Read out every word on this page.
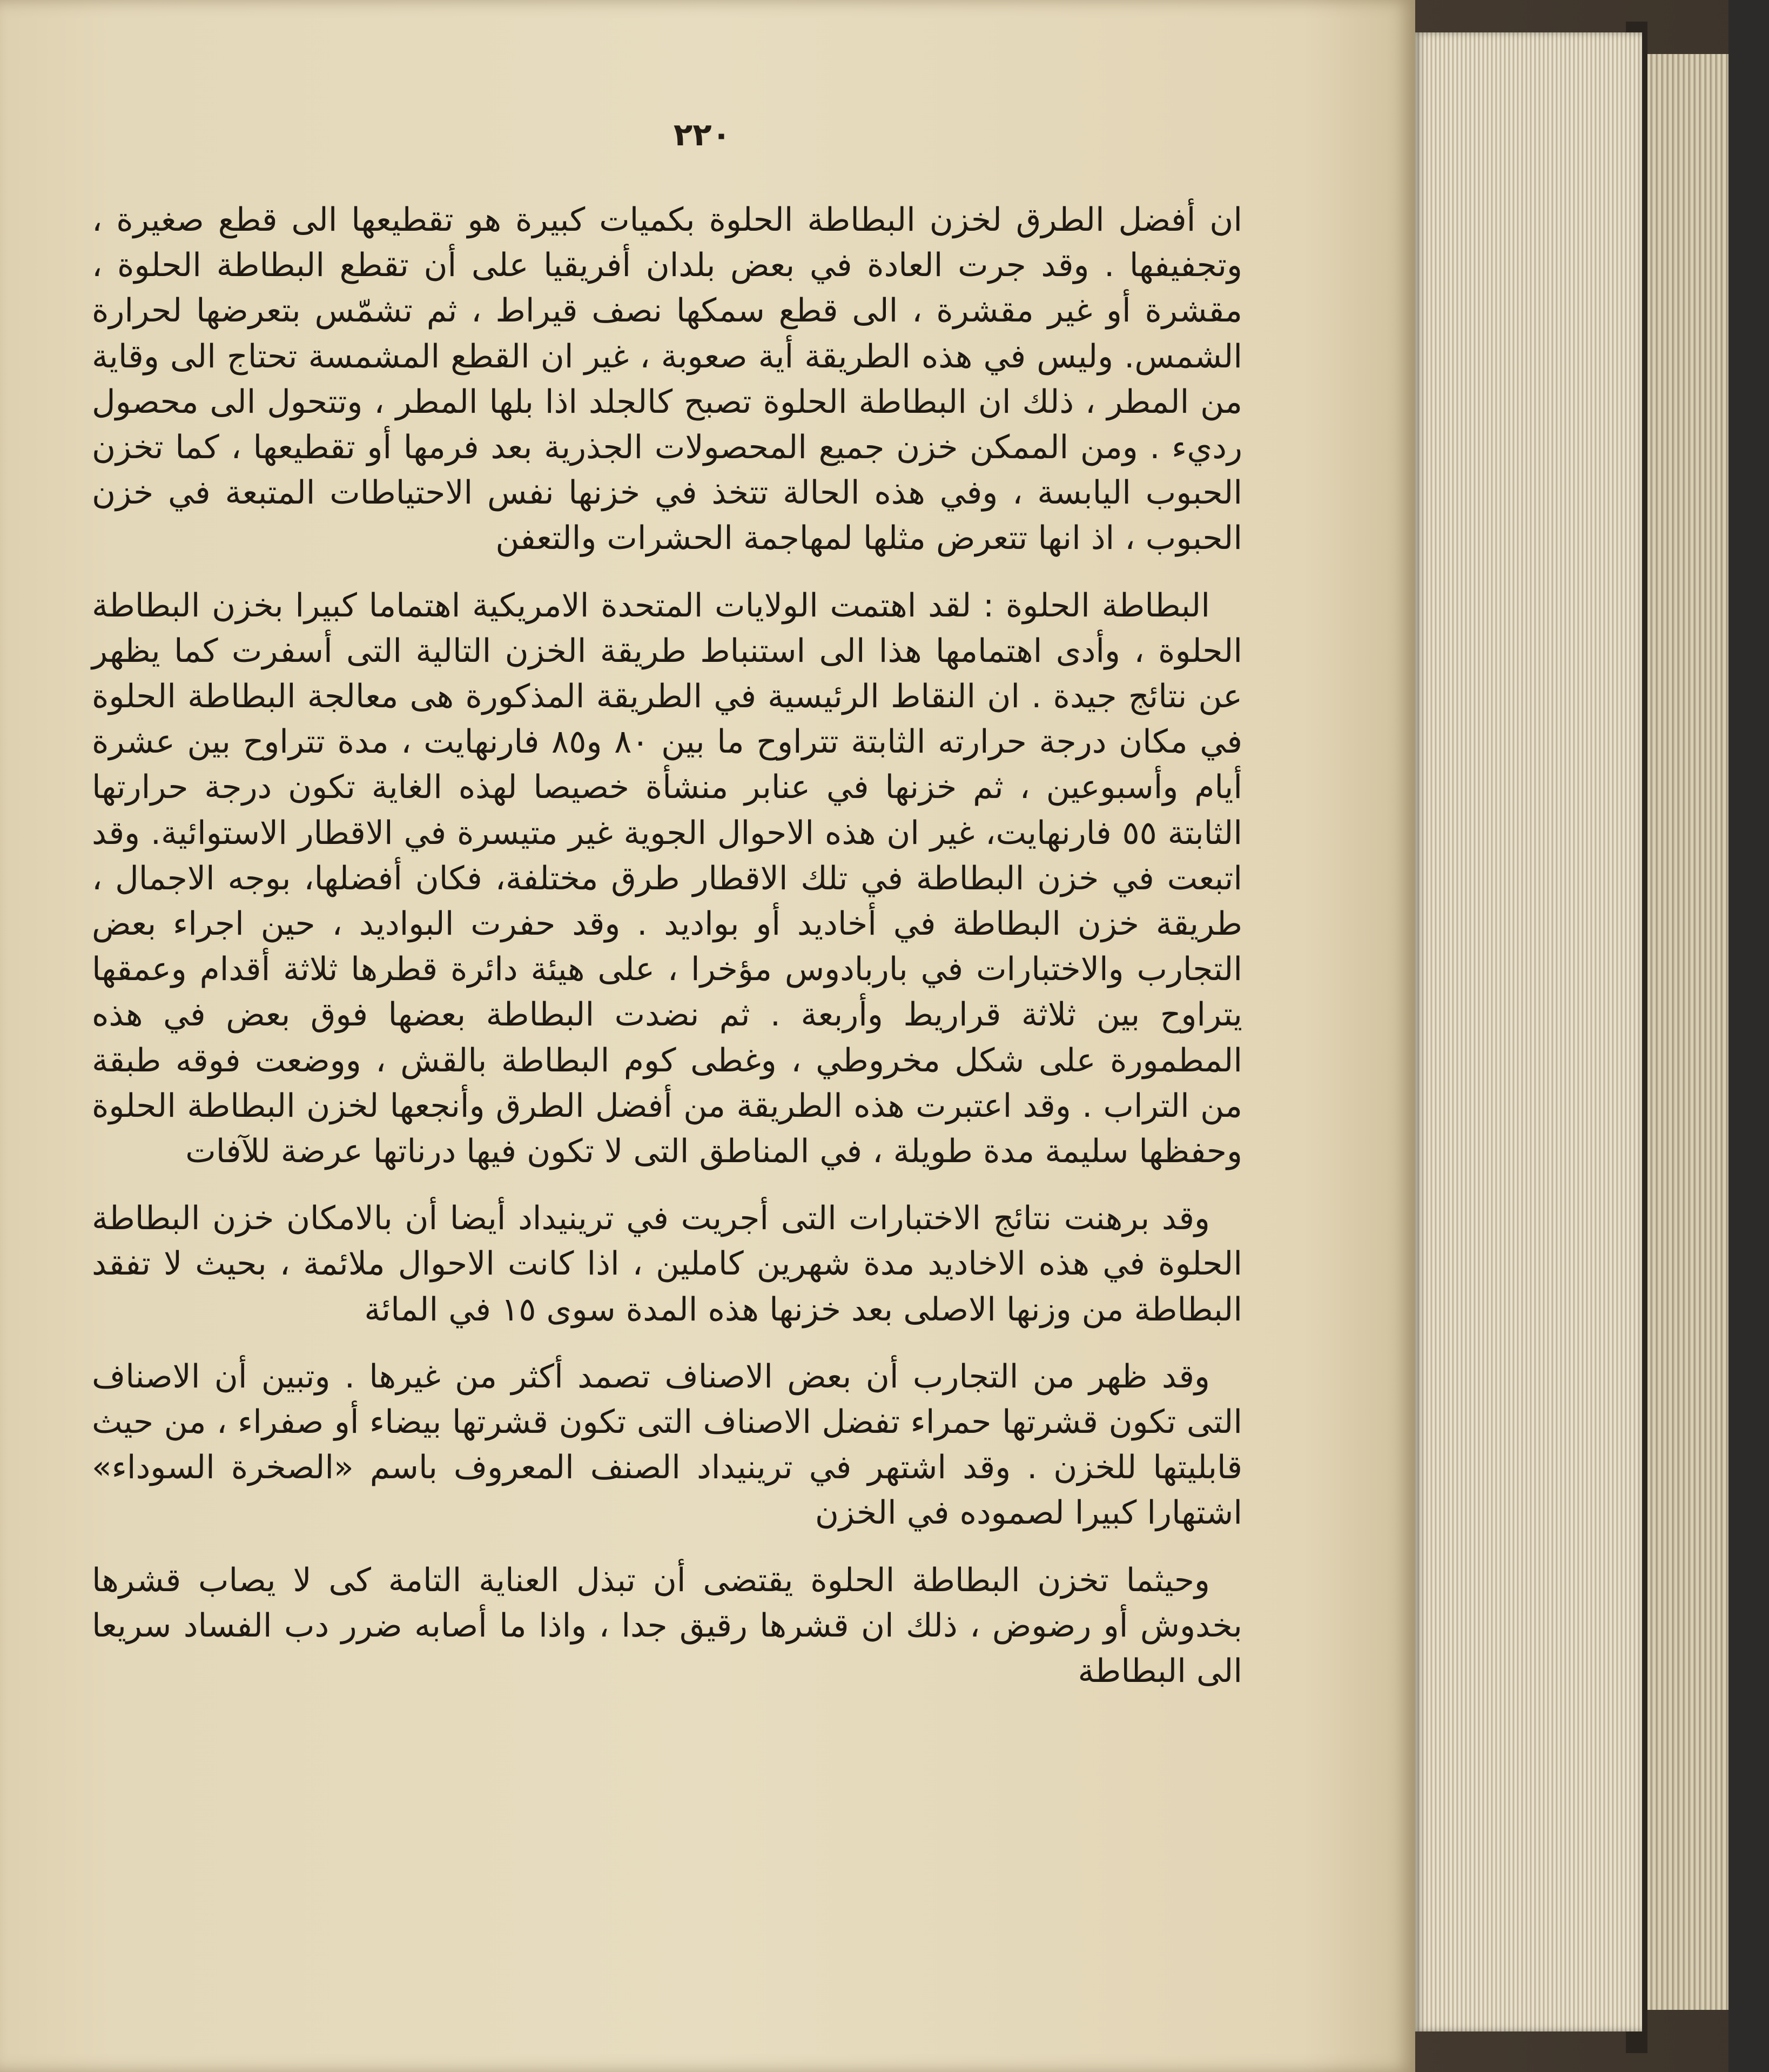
٢٢٠

ان أفضل الطرق لخزن البطاطة الحلوة بكميات كبيرة هو تقطيعها الى قطع صغيرة ، وتجفيفها . وقد جرت العادة في بعض بلدان أفريقيا على أن تقطع البطاطة الحلوة ، مقشرة أو غير مقشرة ، الى قطع سمكها نصف قيراط ، ثم تشمّس بتعرضها لحرارة الشمس. وليس في هذه الطريقة أية صعوبة ، غير ان القطع المشمسة تحتاج الى وقاية من المطر ، ذلك ان البطاطة الحلوة تصبح كالجلد اذا بلها المطر ، وتتحول الى محصول رديء . ومن الممكن خزن جميع المحصولات الجذرية بعد فرمها أو تقطيعها ، كما تخزن الحبوب اليابسة ، وفي هذه الحالة تتخذ في خزنها نفس الاحتياطات المتبعة في خزن الحبوب ، اذ انها تتعرض مثلها لمهاجمة الحشرات والتعفن

البطاطة الحلوة : لقد اهتمت الولايات المتحدة الامريكية اهتماما كبيرا بخزن البطاطة الحلوة ، وأدى اهتمامها هذا الى استنباط طريقة الخزن التالية التى أسفرت كما يظهر عن نتائج جيدة . ان النقاط الرئيسية في الطريقة المذكورة هى معالجة البطاطة الحلوة في مكان درجة حرارته الثابتة تتراوح ما بين ٨٠ و٨٥ فارنهايت ، مدة تتراوح بين عشرة أيام وأسبوعين ، ثم خزنها في عنابر منشأة خصيصا لهذه الغاية تكون درجة حرارتها الثابتة ٥٥ فارنهايت، غير ان هذه الاحوال الجوية غير متيسرة في الاقطار الاستوائية. وقد اتبعت في خزن البطاطة في تلك الاقطار طرق مختلفة، فكان أفضلها، بوجه الاجمال ، طريقة خزن البطاطة في أخاديد أو بواديد . وقد حفرت البواديد ، حين اجراء بعض التجارب والاختبارات في باربادوس مؤخرا ، على هيئة دائرة قطرها ثلاثة أقدام وعمقها يتراوح بين ثلاثة قراريط وأربعة . ثم نضدت البطاطة بعضها فوق بعض في هذه المطمورة على شكل مخروطي ، وغطى كوم البطاطة بالقش ، ووضعت فوقه طبقة من التراب . وقد اعتبرت هذه الطريقة من أفضل الطرق وأنجعها لخزن البطاطة الحلوة وحفظها سليمة مدة طويلة ، في المناطق التى لا تكون فيها درناتها عرضة للآفات

وقد برهنت نتائج الاختبارات التى أجريت في ترينيداد أيضا أن بالامكان خزن البطاطة الحلوة في هذه الاخاديد مدة شهرين كاملين ، اذا كانت الاحوال ملائمة ، بحيث لا تفقد البطاطة من وزنها الاصلى بعد خزنها هذه المدة سوى ١٥ في المائة

وقد ظهر من التجارب أن بعض الاصناف تصمد أكثر من غيرها . وتبين أن الاصناف التى تكون قشرتها حمراء تفضل الاصناف التى تكون قشرتها بيضاء أو صفراء ، من حيث قابليتها للخزن . وقد اشتهر في ترينيداد الصنف المعروف باسم «الصخرة السوداء» اشتهارا كبيرا لصموده في الخزن

وحيثما تخزن البطاطة الحلوة يقتضى أن تبذل العناية التامة كى لا يصاب قشرها بخدوش أو رضوض ، ذلك ان قشرها رقيق جدا ، واذا ما أصابه ضرر دب الفساد سريعا الى البطاطة
